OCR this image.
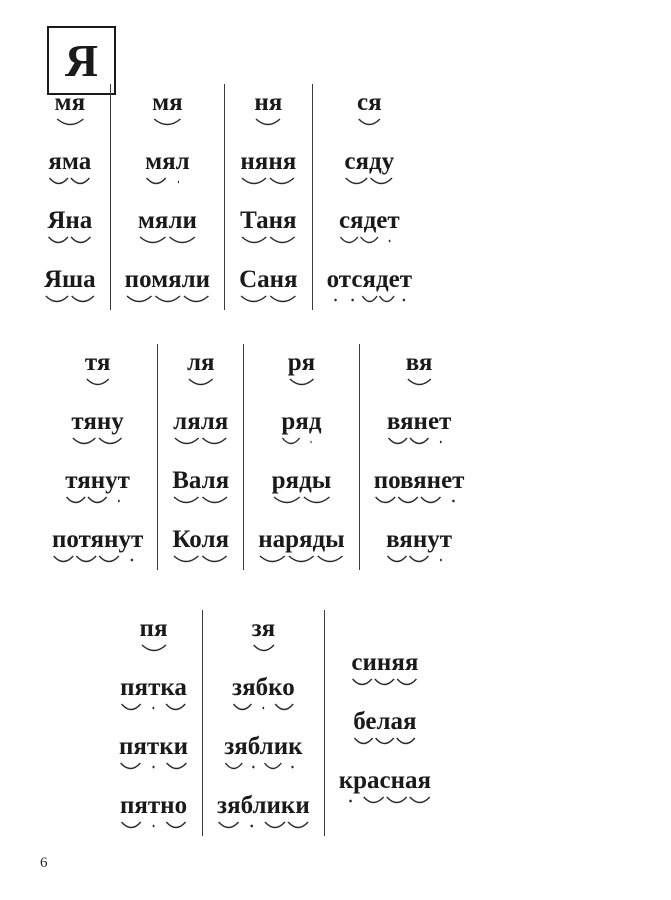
Я
мя
яма
Яна
Яша
мя
мял
мяли
помяли
ня
няня
Таня
Саня
ся
сяду
сядет
отсядет
тя
тяну
тянут
потянут
ля
ляля
Валя
Коля
ря
ряд
ряды
наряды
вя
вянет
повянет
вянут
пя
пятка
пятки
пятно
зя
зябко
зяблик
зяблики
синяя
белая
красная
6
